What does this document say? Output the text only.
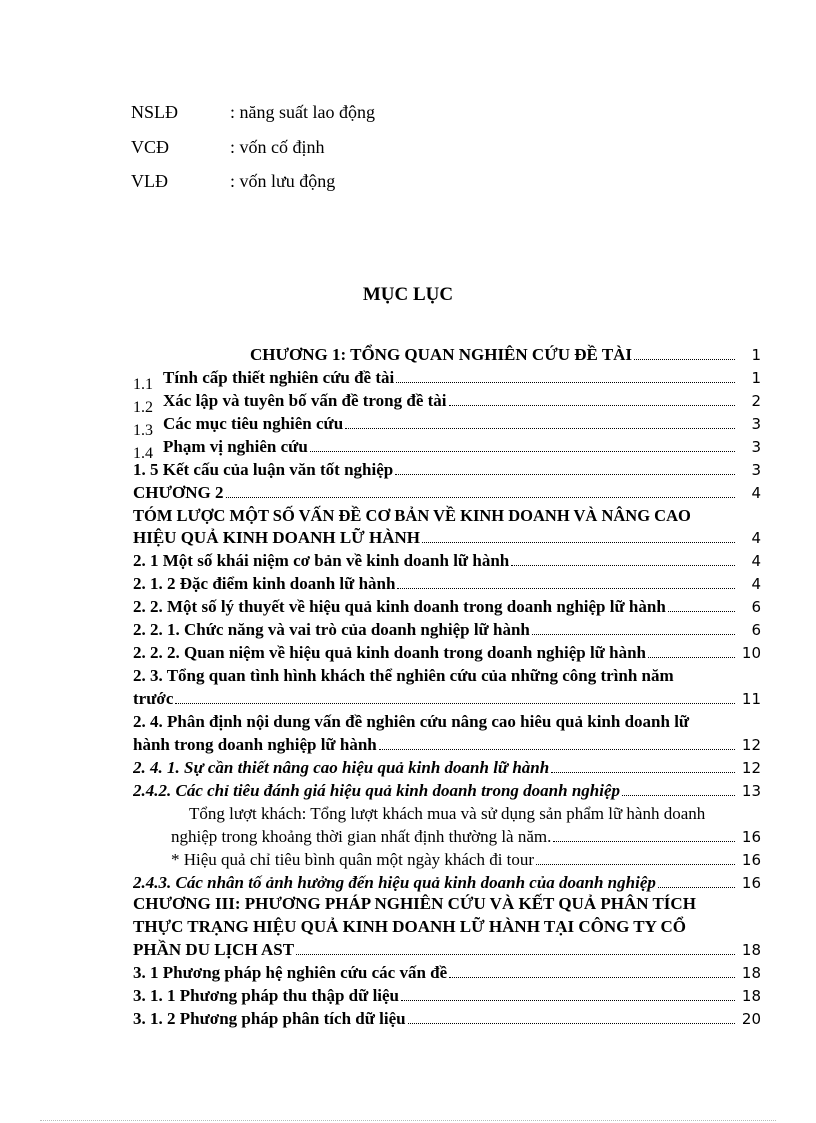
NSLĐ	: năng suất lao động
VCĐ	: vốn cố định
VLĐ	: vốn lưu động
MỤC LỤC
CHƯƠNG 1: TỔNG QUAN NGHIÊN CỨU ĐỀ TÀI	1
1.1 Tính cấp thiết nghiên cứu đề tài	1
1.2 Xác lập và tuyên bố vấn đề trong đề tài	2
1.3 Các mục tiêu nghiên cứu	3
1.4 Phạm vị nghiên cứu	3
1. 5 Kết cấu của luận văn tốt nghiệp	3
CHƯƠNG 2	4
TÓM LƯỢC MỘT SỐ VẤN ĐỀ CƠ BẢN VỀ KINH DOANH VÀ NÂNG CAO
HIỆU QUẢ KINH DOANH LỮ HÀNH	4
2. 1 Một số khái niệm cơ bản về kinh doanh lữ hành	4
2. 1. 2 Đặc điểm kinh doanh lữ hành	4
2. 2. Một số lý thuyết về hiệu quả kinh doanh trong doanh nghiệp lữ hành	6
2. 2. 1. Chức năng và vai trò của doanh nghiệp lữ hành	6
2. 2. 2. Quan niệm về hiệu quả kinh doanh trong doanh nghiệp lữ hành	10
2. 3. Tổng quan tình hình khách thể nghiên cứu của những công trình năm
trước	11
2. 4. Phân định nội dung vấn đề nghiên cứu nâng cao hiêu quả kinh doanh lữ
hành trong doanh nghiệp lữ hành	12
2. 4. 1. Sự cần thiết nâng cao hiệu quả kinh doanh lữ hành	12
2.4.2. Các chỉ tiêu đánh giá hiệu quả kinh doanh trong doanh nghiệp	13
Tổng lượt khách: Tổng lượt khách mua và sử dụng sản phẩm lữ hành doanh
nghiệp trong khoảng thời gian nhất định thường là năm.	16
* Hiệu quả chỉ tiêu bình quân một ngày khách đi tour	16
2.4.3. Các nhân tố ảnh hưởng đến hiệu quả kinh doanh của doanh nghiệp	16
CHƯƠNG III: PHƯƠNG PHÁP NGHIÊN CỨU VÀ KẾT QUẢ PHÂN TÍCH
THỰC TRẠNG HIỆU QUẢ KINH DOANH LỮ HÀNH TẠI CÔNG TY CỔ
PHẦN DU LỊCH AST	18
3. 1 Phương pháp hệ nghiên cứu các vấn đề	18
3. 1. 1 Phương pháp thu thập dữ liệu	18
3. 1. 2 Phương pháp phân tích dữ liệu	20
